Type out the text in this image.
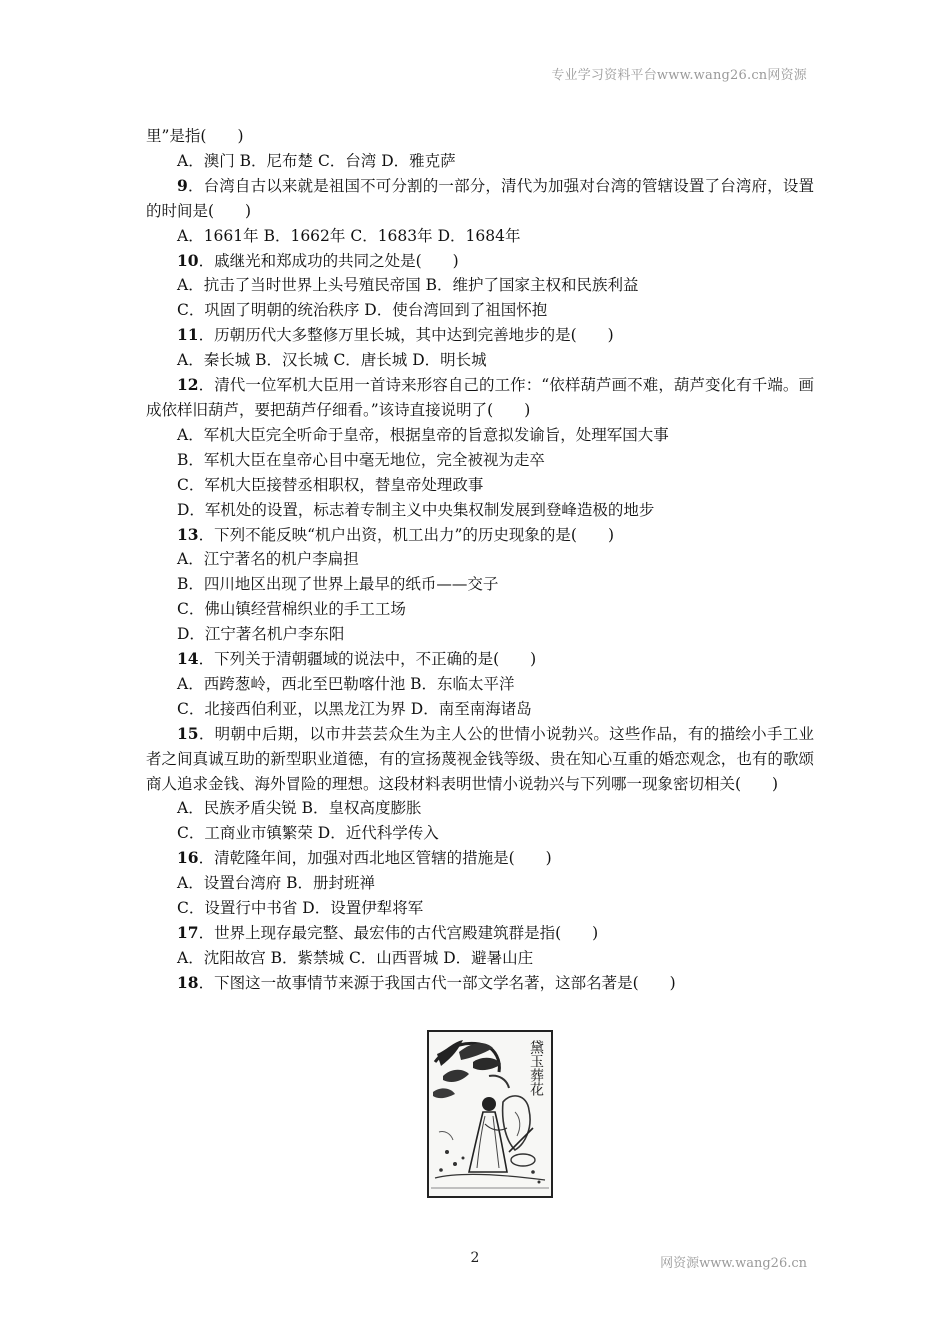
专业学习资料平台www.wang26.cn网资源
里”是指(　　)
A．澳门 B．尼布楚 C．台湾 D．雅克萨
9．台湾自古以来就是祖国不可分割的一部分，清代为加强对台湾的管辖设置了台湾府，设置的时间是(　　)
A．1661年 B．1662年 C．1683年 D．1684年
10．戚继光和郑成功的共同之处是(　　)
A．抗击了当时世界上头号殖民帝国 B．维护了国家主权和民族利益
C．巩固了明朝的统治秩序 D．使台湾回到了祖国怀抱
11．历朝历代大多整修万里长城，其中达到完善地步的是(　　)
A．秦长城 B．汉长城 C．唐长城 D．明长城
12．清代一位军机大臣用一首诗来形容自己的工作：“依样葫芦画不难，葫芦变化有千端。画成依样旧葫芦，要把葫芦仔细看。”该诗直接说明了(　　)
A．军机大臣完全听命于皇帝，根据皇帝的旨意拟发谕旨，处理军国大事
B．军机大臣在皇帝心目中毫无地位，完全被视为走卒
C．军机大臣接替丞相职权，替皇帝处理政事
D．军机处的设置，标志着专制主义中央集权制发展到登峰造极的地步
13．下列不能反映“机户出资，机工出力”的历史现象的是(　　)
A．江宁著名的机户李扁担
B．四川地区出现了世界上最早的纸币——交子
C．佛山镇经营棉织业的手工工场
D．江宁著名机户李东阳
14．下列关于清朝疆域的说法中，不正确的是(　　)
A．西跨葱岭，西北至巴勒喀什池 B．东临太平洋
C．北接西伯利亚，以黑龙江为界 D．南至南海诸岛
15．明朝中后期，以市井芸芸众生为主人公的世情小说勃兴。这些作品，有的描绘小手工业者之间真诚互助的新型职业道德，有的宣扬蔑视金钱等级、贵在知心互重的婚恋观念，也有的歌颂商人追求金钱、海外冒险的理想。这段材料表明世情小说勃兴与下列哪一现象密切相关(　　)
A．民族矛盾尖锐 B．皇权高度膨胀
C．工商业市镇繁荣 D．近代科学传入
16．清乾隆年间，加强对西北地区管辖的措施是(　　)
A．设置台湾府 B．册封班禅
C．设置行中书省 D．设置伊犁将军
17．世界上现存最完整、最宏伟的古代宫殿建筑群是指(　　)
A．沈阳故宫 B．紫禁城 C．山西晋城 D．避暑山庄
18．下图这一故事情节来源于我国古代一部文学名著，这部名著是(　　)
黛玉葬花
2	网资源www.wang26.cn
